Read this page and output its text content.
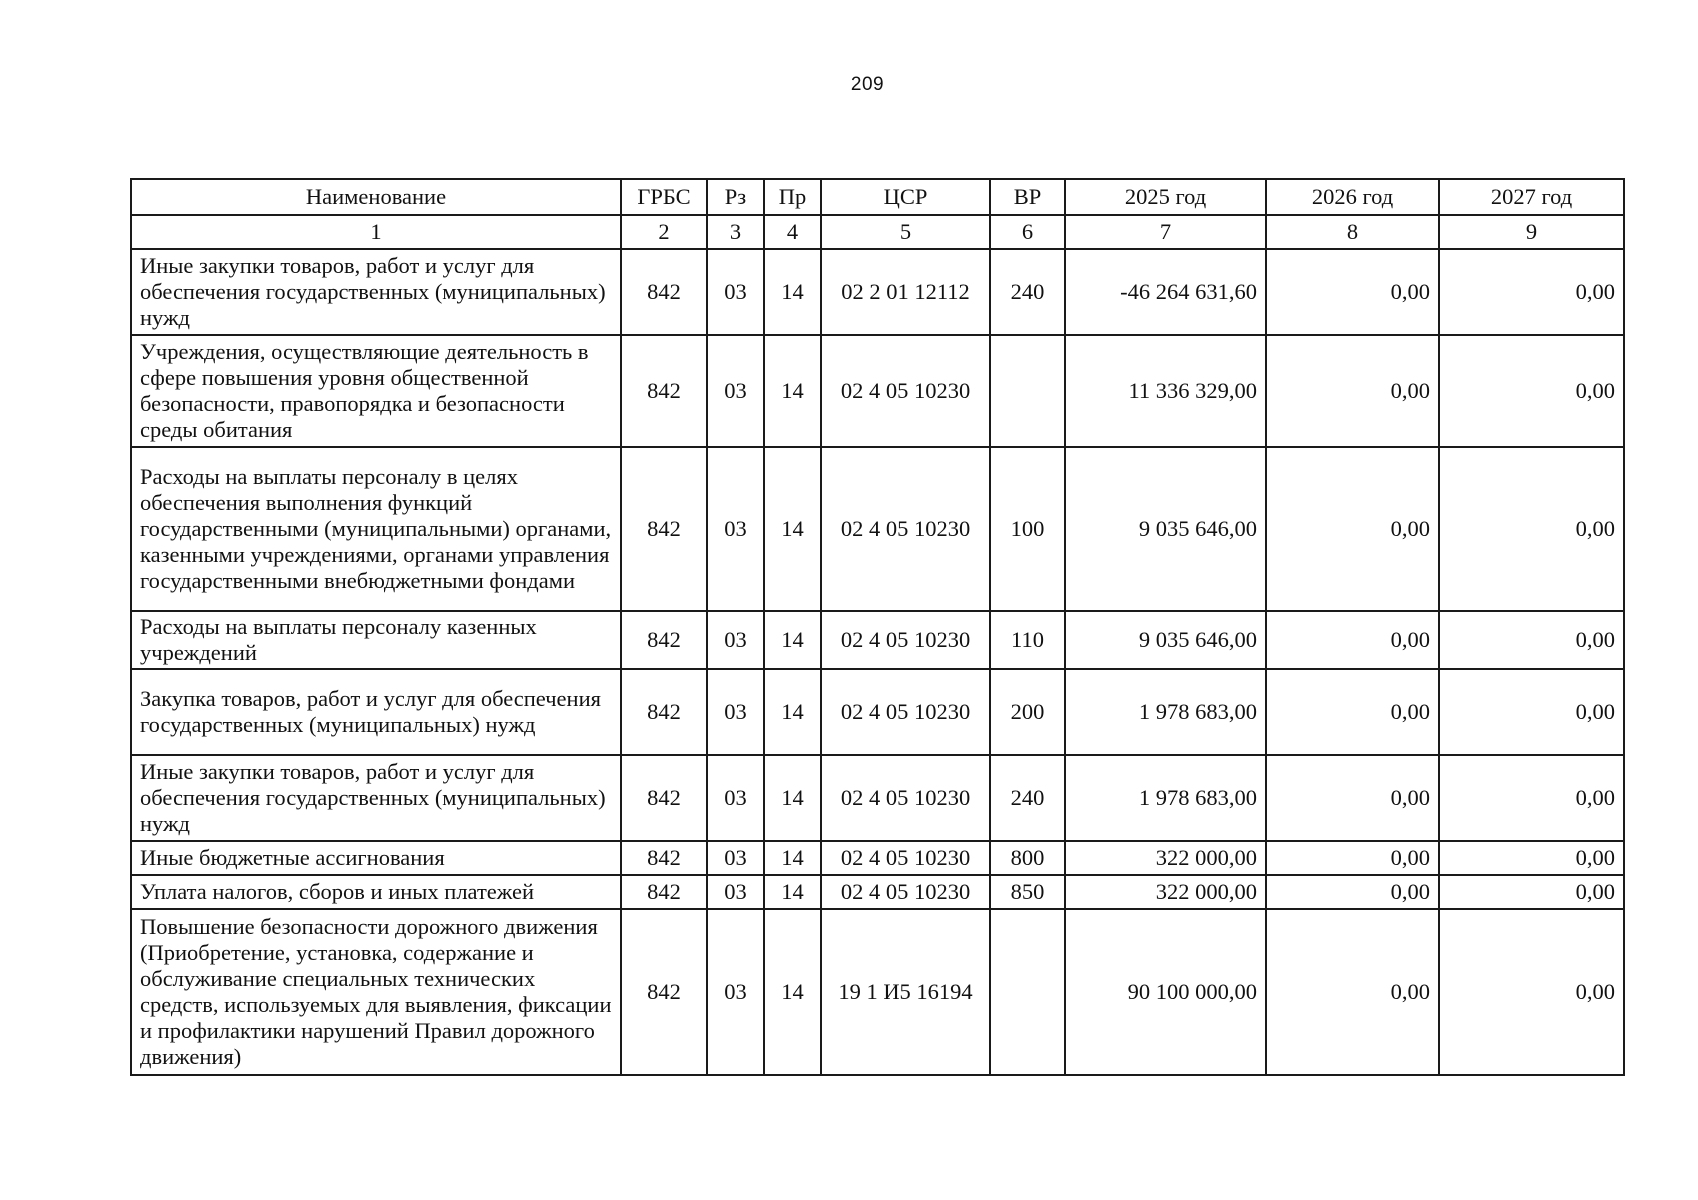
209
Наименование	ГРБС	Рз	Пр	ЦСР	ВР	2025 год	2026 год	2027 год
1	2	3	4	5	6	7	8	9
Иные закупки товаров, работ и услуг для обеспечения государственных (муниципальных) нужд	842	03	14	02 2 01 12112	240	-46 264 631,60	0,00	0,00
Учреждения, осуществляющие деятельность в сфере повышения уровня общественной безопасности, правопорядка и безопасности среды обитания	842	03	14	02 4 05 10230		11 336 329,00	0,00	0,00
Расходы на выплаты персоналу в целях обеспечения выполнения функций государственными (муниципальными) органами, казенными учреждениями, органами управления государственными внебюджетными фондами	842	03	14	02 4 05 10230	100	9 035 646,00	0,00	0,00
Расходы на выплаты персоналу казенных учреждений	842	03	14	02 4 05 10230	110	9 035 646,00	0,00	0,00
Закупка товаров, работ и услуг для обеспечения государственных (муниципальных) нужд	842	03	14	02 4 05 10230	200	1 978 683,00	0,00	0,00
Иные закупки товаров, работ и услуг для обеспечения государственных (муниципальных) нужд	842	03	14	02 4 05 10230	240	1 978 683,00	0,00	0,00
Иные бюджетные ассигнования	842	03	14	02 4 05 10230	800	322 000,00	0,00	0,00
Уплата налогов, сборов и иных платежей	842	03	14	02 4 05 10230	850	322 000,00	0,00	0,00
Повышение безопасности дорожного движения (Приобретение, установка, содержание и обслуживание специальных технических средств, используемых для выявления, фиксации и профилактики нарушений Правил дорожного движения)	842	03	14	19 1 И5 16194		90 100 000,00	0,00	0,00
